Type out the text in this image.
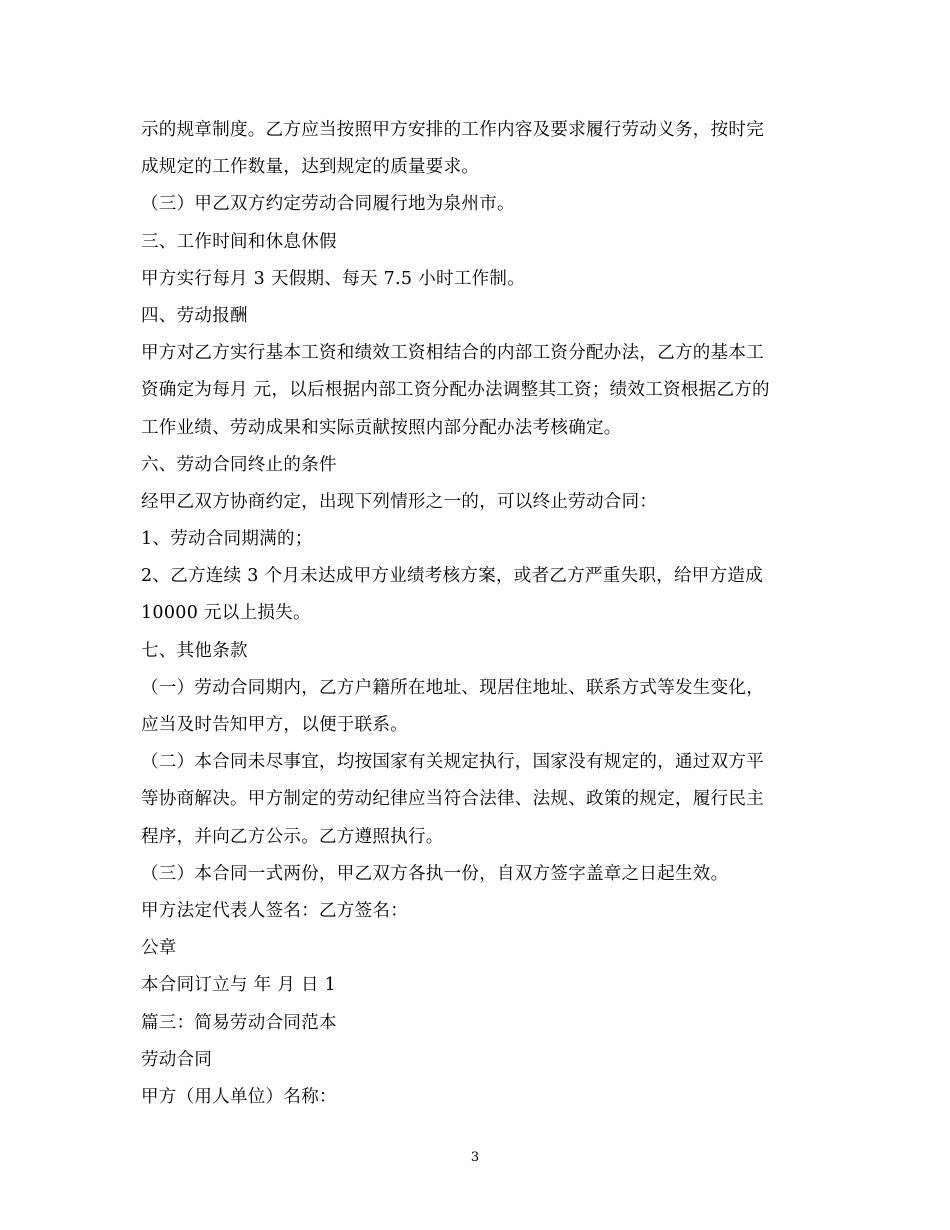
示的规章制度。乙方应当按照甲方安排的工作内容及要求履行劳动义务，按时完
成规定的工作数量，达到规定的质量要求。
（三）甲乙双方约定劳动合同履行地为泉州市。
三、工作时间和休息休假
甲方实行每月 3 天假期、每天 7.5 小时工作制。
四、劳动报酬
甲方对乙方实行基本工资和绩效工资相结合的内部工资分配办法，乙方的基本工
资确定为每月 元，以后根据内部工资分配办法调整其工资；绩效工资根据乙方的
工作业绩、劳动成果和实际贡献按照内部分配办法考核确定。
六、劳动合同终止的条件
经甲乙双方协商约定，出现下列情形之一的，可以终止劳动合同：
1、劳动合同期满的；
2、乙方连续 3 个月未达成甲方业绩考核方案，或者乙方严重失职，给甲方造成
10000 元以上损失。
七、其他条款
（一）劳动合同期内，乙方户籍所在地址、现居住地址、联系方式等发生变化，
应当及时告知甲方，以便于联系。
（二）本合同未尽事宜，均按国家有关规定执行，国家没有规定的，通过双方平
等协商解决。甲方制定的劳动纪律应当符合法律、法规、政策的规定，履行民主
程序，并向乙方公示。乙方遵照执行。
（三）本合同一式两份，甲乙双方各执一份，自双方签字盖章之日起生效。
甲方法定代表人签名：乙方签名：
公章
本合同订立与 年 月 日 1
篇三：简易劳动合同范本
劳动合同
甲方（用人单位）名称：
3
